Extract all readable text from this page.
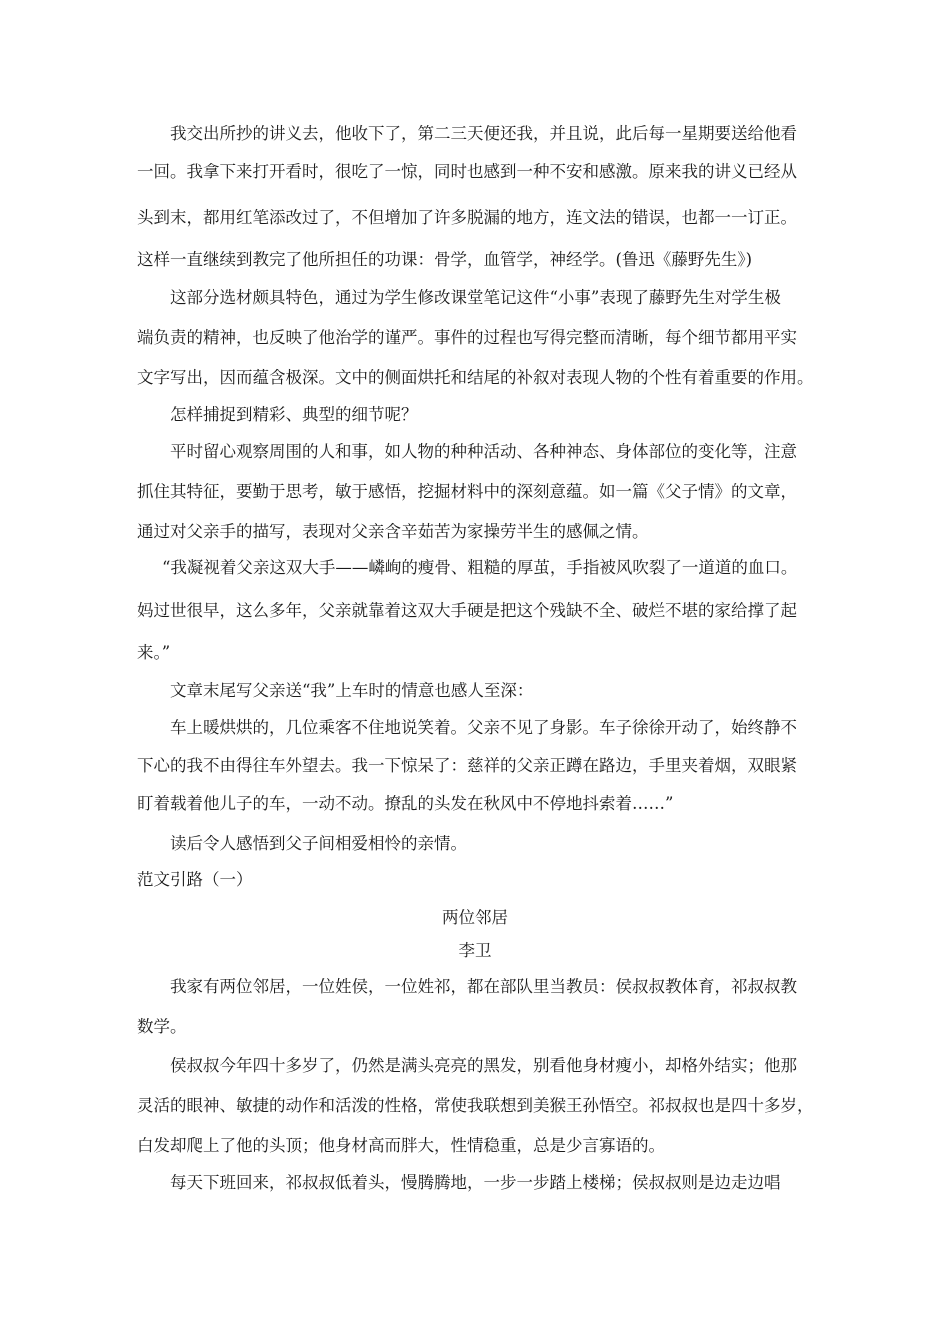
我交出所抄的讲义去，他收下了，第二三天便还我，并且说，此后每一星期要送给他看
一回。我拿下来打开看时，很吃了一惊，同时也感到一种不安和感激。原来我的讲义已经从
头到末，都用红笔添改过了，不但增加了许多脱漏的地方，连文法的错误，也都一一订正。
这样一直继续到教完了他所担任的功课：骨学，血管学，神经学。(鲁迅《藤野先生》)
这部分选材颇具特色，通过为学生修改课堂笔记这件“小事”表现了藤野先生对学生极
端负责的精神，也反映了他治学的谨严。事件的过程也写得完整而清晰，每个细节都用平实
文字写出，因而蕴含极深。文中的侧面烘托和结尾的补叙对表现人物的个性有着重要的作用。
怎样捕捉到精彩、典型的细节呢？
平时留心观察周围的人和事，如人物的种种活动、各种神态、身体部位的变化等，注意
抓住其特征，要勤于思考，敏于感悟，挖掘材料中的深刻意蕴。如一篇《父子情》的文章，
通过对父亲手的描写，表现对父亲含辛茹苦为家操劳半生的感佩之情。
“我凝视着父亲这双大手——嶙峋的瘦骨、粗糙的厚茧，手指被风吹裂了一道道的血口。
妈过世很早，这么多年，父亲就靠着这双大手硬是把这个残缺不全、破烂不堪的家给撑了起
来。”
文章末尾写父亲送“我”上车时的情意也感人至深：
车上暖烘烘的，几位乘客不住地说笑着。父亲不见了身影。车子徐徐开动了，始终静不
下心的我不由得往车外望去。我一下惊呆了：慈祥的父亲正蹲在路边，手里夹着烟，双眼紧
盯着载着他儿子的车，一动不动。撩乱的头发在秋风中不停地抖索着……”
读后令人感悟到父子间相爱相怜的亲情。
范文引路（一）
两位邻居
李卫
我家有两位邻居，一位姓侯，一位姓祁，都在部队里当教员：侯叔叔教体育，祁叔叔教
数学。
侯叔叔今年四十多岁了，仍然是满头亮亮的黑发，别看他身材瘦小，却格外结实；他那
灵活的眼神、敏捷的动作和活泼的性格，常使我联想到美猴王孙悟空。祁叔叔也是四十多岁，
白发却爬上了他的头顶；他身材高而胖大，性情稳重，总是少言寡语的。
每天下班回来，祁叔叔低着头，慢腾腾地，一步一步踏上楼梯；侯叔叔则是边走边唱
